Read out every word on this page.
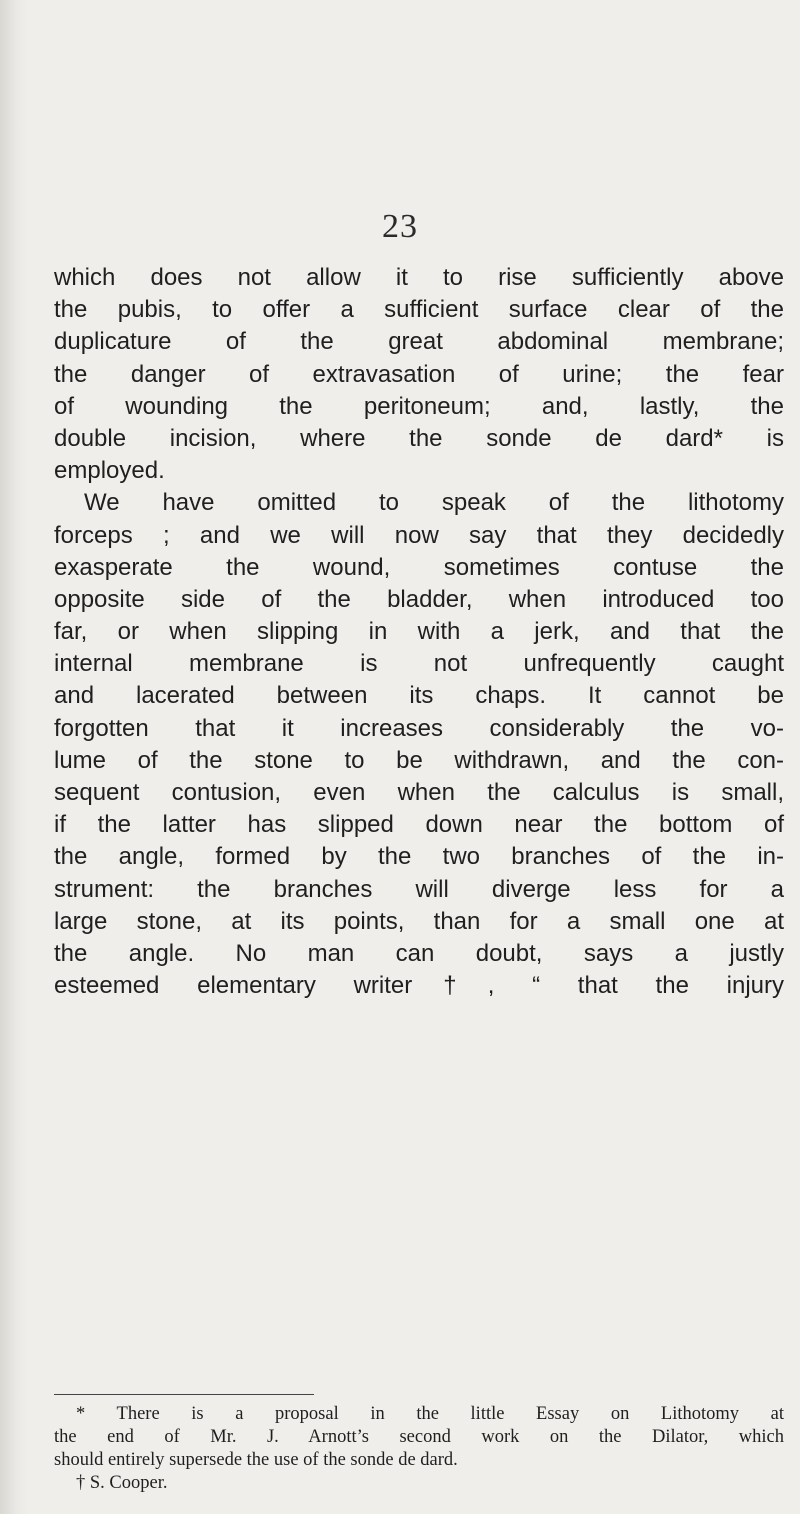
23
which does not allow it to rise sufficiently above
the pubis, to offer a sufficient surface clear of the
duplicature of the great abdominal membrane;
the danger of extravasation of urine; the fear
of wounding the peritoneum; and, lastly, the
double incision, where the sonde de dard* is
employed.
We have omitted to speak of the lithotomy
forceps ; and we will now say that they decidedly
exasperate the wound, sometimes contuse the
opposite side of the bladder, when introduced too
far, or when slipping in with a jerk, and that the
internal membrane is not unfrequently caught
and lacerated between its chaps. It cannot be
forgotten that it increases considerably the vo-
lume of the stone to be withdrawn, and the con-
sequent contusion, even when the calculus is small,
if the latter has slipped down near the bottom of
the angle, formed by the two branches of the in-
strument: the branches will diverge less for a
large stone, at its points, than for a small one at
the angle. No man can doubt, says a justly
esteemed elementary writer†, “ that the injury
* There is a proposal in the little Essay on Lithotomy at
the end of Mr. J. Arnott’s second work on the Dilator, which
should entirely supersede the use of the sonde de dard.
† S. Cooper.
